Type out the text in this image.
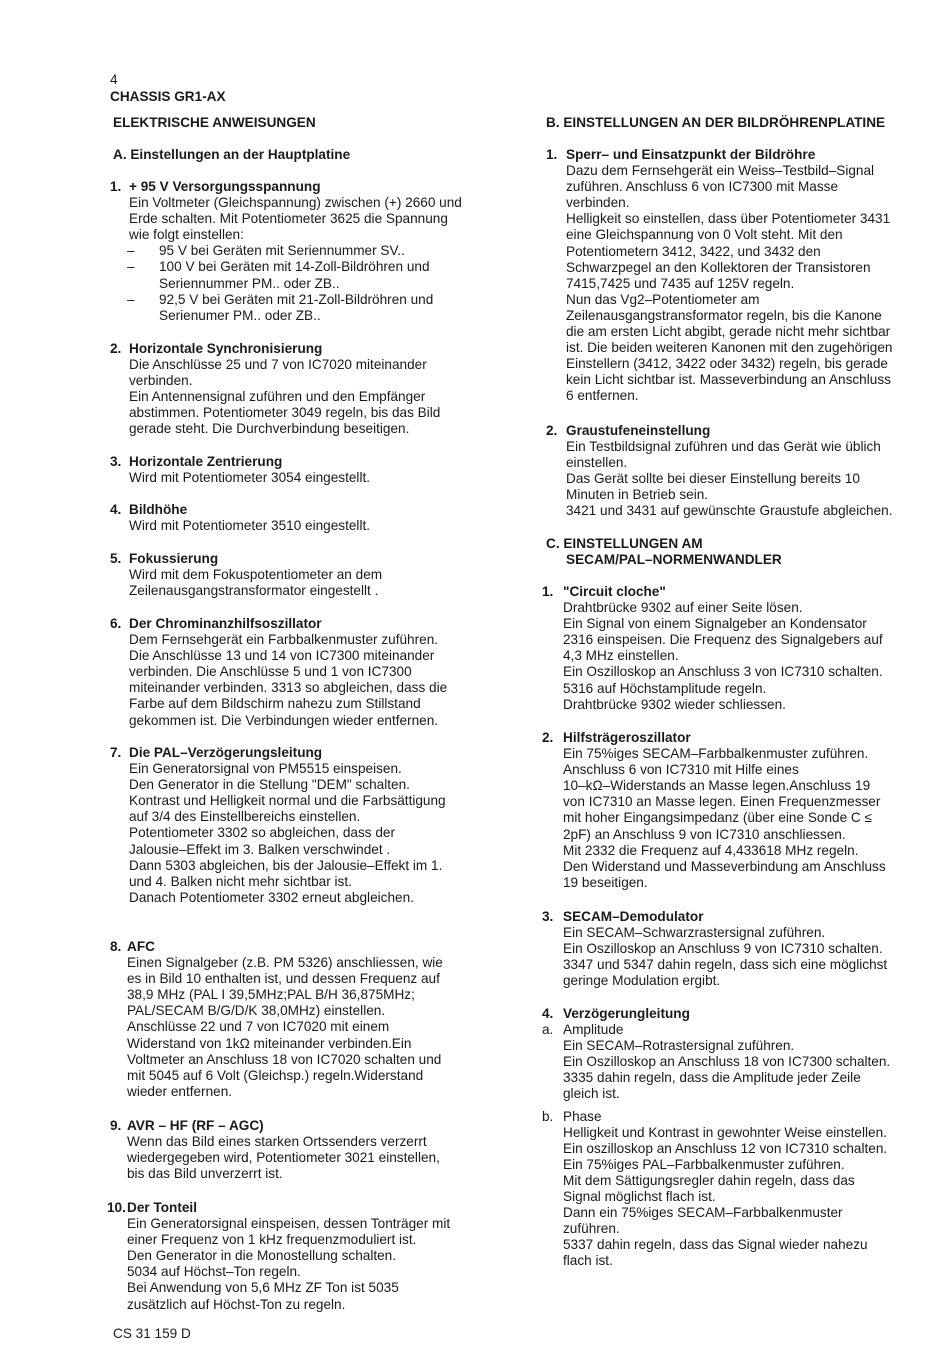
4
CHASSIS GR1-AX
ELEKTRISCHE ANWEISUNGEN
A. Einstellungen an der Hauptplatine
1. + 95 V Versorgungsspannung
Ein Voltmeter (Gleichspannung) zwischen (+) 2660 und
Erde schalten. Mit Potentiometer 3625 die Spannung
wie folgt einstellen:
– 95 V bei Geräten mit Seriennummer SV..
– 100 V bei Geräten mit 14-Zoll-Bildröhren und
Seriennummer PM.. oder ZB..
– 92,5 V bei Geräten mit 21-Zoll-Bildröhren und
Serienumer PM.. oder ZB..
2. Horizontale Synchronisierung
Die Anschlüsse 25 und 7 von IC7020 miteinander
verbinden.
Ein Antennensignal zuführen und den Empfänger
abstimmen. Potentiometer 3049 regeln, bis das Bild
gerade steht. Die Durchverbindung beseitigen.
3. Horizontale Zentrierung
Wird mit Potentiometer 3054 eingestellt.
4. Bildhöhe
Wird mit Potentiometer 3510 eingestellt.
5. Fokussierung
Wird mit dem Fokuspotentiometer an dem
Zeilenausgangstransformator eingestellt .
6. Der Chrominanzhilfsoszillator
Dem Fernsehgerät ein Farbbalkenmuster zuführen.
Die Anschlüsse 13 und 14 von IC7300 miteinander
verbinden. Die Anschlüsse 5 und 1 von IC7300
miteinander verbinden. 3313 so abgleichen, dass die
Farbe auf dem Bildschirm nahezu zum Stillstand
gekommen ist. Die Verbindungen wieder entfernen.
7. Die PAL–Verzögerungsleitung
Ein Generatorsignal von PM5515 einspeisen.
Den Generator in die Stellung "DEM" schalten.
Kontrast und Helligkeit normal und die Farbsättigung
auf 3/4 des Einstellbereichs einstellen.
Potentiometer 3302 so abgleichen, dass der
Jalousie–Effekt im 3. Balken verschwindet .
Dann 5303 abgleichen, bis der Jalousie–Effekt im 1.
und 4. Balken nicht mehr sichtbar ist.
Danach Potentiometer 3302 erneut abgleichen.
8. AFC
Einen Signalgeber (z.B. PM 5326) anschliessen, wie
es in Bild 10 enthalten ist, und dessen Frequenz auf
38,9 MHz (PAL I 39,5MHz;PAL B/H 36,875MHz;
PAL/SECAM B/G/D/K 38,0MHz) einstellen.
Anschlüsse 22 und 7 von IC7020 mit einem
Widerstand von 1kΩ miteinander verbinden.Ein
Voltmeter an Anschluss 18 von IC7020 schalten und
mit 5045 auf 6 Volt (Gleichsp.) regeln.Widerstand
wieder entfernen.
9. AVR – HF (RF – AGC)
Wenn das Bild eines starken Ortssenders verzerrt
wiedergegeben wird, Potentiometer 3021 einstellen,
bis das Bild unverzerrt ist.
10. Der Tonteil
Ein Generatorsignal einspeisen, dessen Tonträger mit
einer Frequenz von 1 kHz frequenzmoduliert ist.
Den Generator in die Monostellung schalten.
5034 auf Höchst–Ton regeln.
Bei Anwendung von 5,6 MHz ZF Ton ist 5035
zusätzlich auf Höchst-Ton zu regeln.
CS 31 159 D
B. EINSTELLUNGEN AN DER BILDRÖHRENPLATINE
1. Sperr– und Einsatzpunkt der Bildröhre
Dazu dem Fernsehgerät ein Weiss–Testbild–Signal
zuführen. Anschluss 6 von IC7300 mit Masse
verbinden.
Helligkeit so einstellen, dass über Potentiometer 3431
eine Gleichspannung von 0 Volt steht. Mit den
Potentiometern 3412, 3422, und 3432 den
Schwarzpegel an den Kollektoren der Transistoren
7415,7425 und 7435 auf 125V regeln.
Nun das Vg2–Potentiometer am
Zeilenausgangstransformator regeln, bis die Kanone
die am ersten Licht abgibt, gerade nicht mehr sichtbar
ist. Die beiden weiteren Kanonen mit den zugehörigen
Einstellern (3412, 3422 oder 3432) regeln, bis gerade
kein Licht sichtbar ist. Masseverbindung an Anschluss
6 entfernen.
2. Graustufeneinstellung
Ein Testbildsignal zuführen und das Gerät wie üblich
einstellen.
Das Gerät sollte bei dieser Einstellung bereits 10
Minuten in Betrieb sein.
3421 und 3431 auf gewünschte Graustufe abgleichen.
C. EINSTELLUNGEN AM
SECAM/PAL–NORMENWANDLER
1. "Circuit cloche"
Drahtbrücke 9302 auf einer Seite lösen.
Ein Signal von einem Signalgeber an Kondensator
2316 einspeisen. Die Frequenz des Signalgebers auf
4,3 MHz einstellen.
Ein Oszilloskop an Anschluss 3 von IC7310 schalten.
5316 auf Höchstamplitude regeln.
Drahtbrücke 9302 wieder schliessen.
2. Hilfsträgeroszillator
Ein 75%iges SECAM–Farbbalkenmuster zuführen.
Anschluss 6 von IC7310 mit Hilfe eines
10–kΩ–Widerstands an Masse legen.Anschluss 19
von IC7310 an Masse legen. Einen Frequenzmesser
mit hoher Eingangsimpedanz (über eine Sonde C ≤
2pF) an Anschluss 9 von IC7310 anschliessen.
Mit 2332 die Frequenz auf 4,433618 MHz regeln.
Den Widerstand und Masseverbindung am Anschluss
19 beseitigen.
3. SECAM–Demodulator
Ein SECAM–Schwarzrastersignal zuführen.
Ein Oszilloskop an Anschluss 9 von IC7310 schalten.
3347 und 5347 dahin regeln, dass sich eine möglichst
geringe Modulation ergibt.
4. Verzögerungleitung
a. Amplitude
Ein SECAM–Rotrastersignal zuführen.
Ein Oszilloskop an Anschluss 18 von IC7300 schalten.
3335 dahin regeln, dass die Amplitude jeder Zeile
gleich ist.
b. Phase
Helligkeit und Kontrast in gewohnter Weise einstellen.
Ein oszilloskop an Anschluss 12 von IC7310 schalten.
Ein 75%iges PAL–Farbbalkenmuster zuführen.
Mit dem Sättigungsregler dahin regeln, dass das
Signal möglichst flach ist.
Dann ein 75%iges SECAM–Farbbalkenmuster
zuführen.
5337 dahin regeln, dass das Signal wieder nahezu
flach ist.
